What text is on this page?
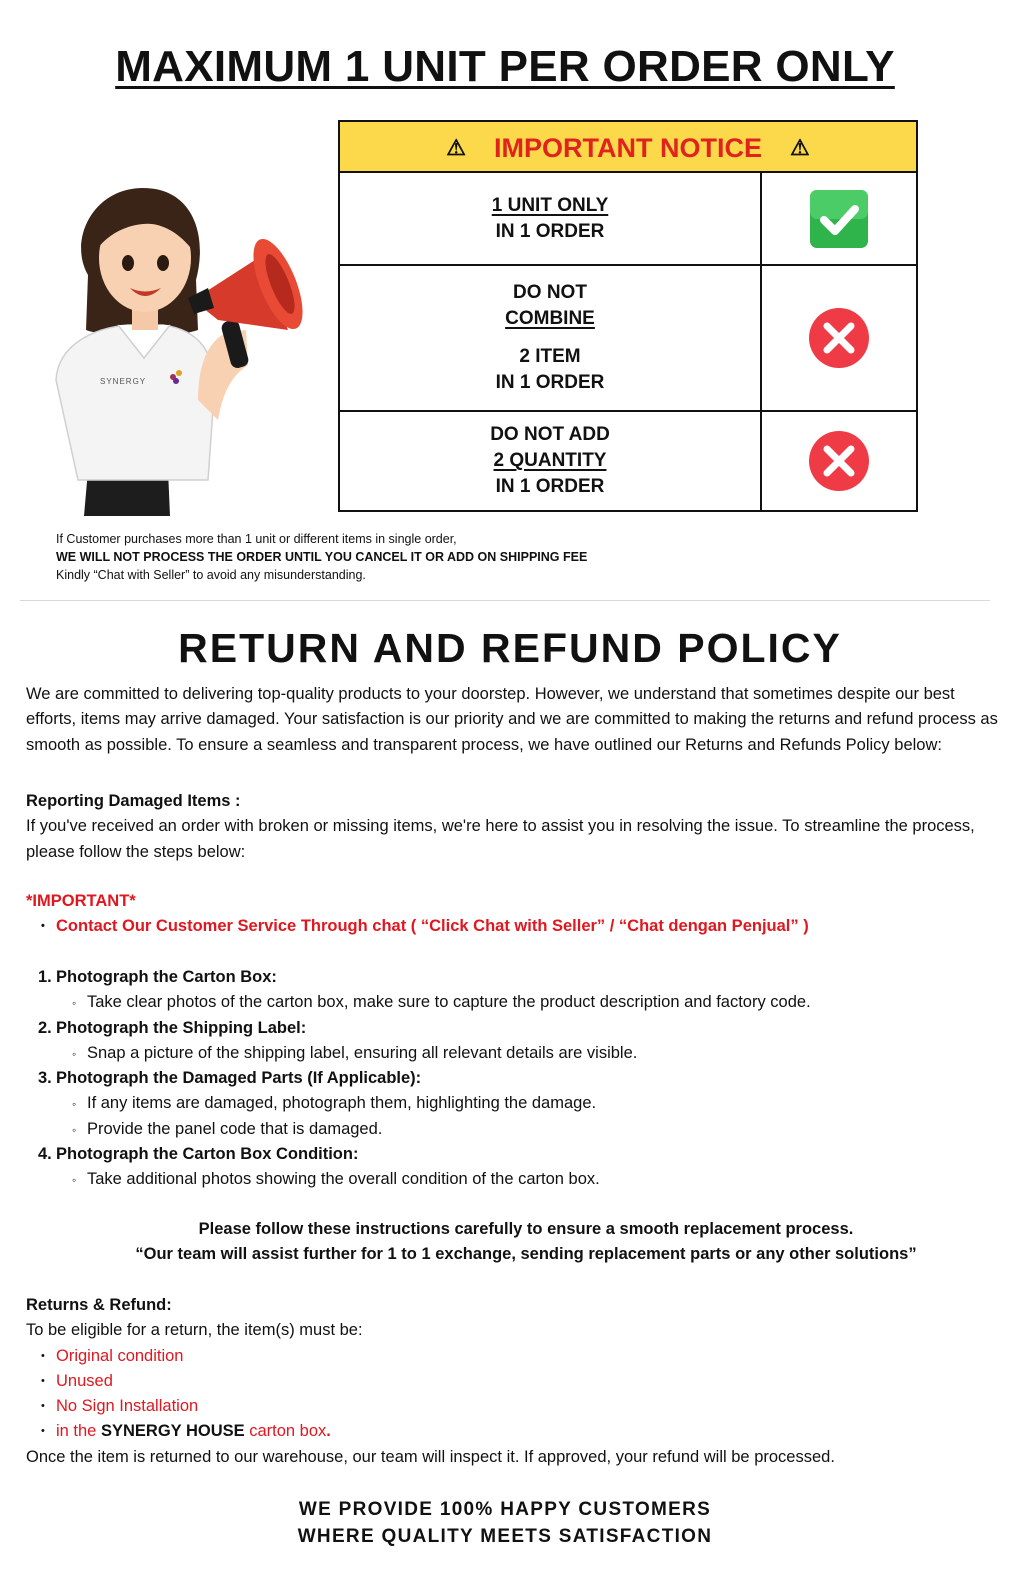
MAXIMUM 1 UNIT PER ORDER ONLY
SYNERGY
⚠ IMPORTANT NOTICE ⚠
1 UNIT ONLY
IN 1 ORDER
DO NOT
COMBINE
2 ITEM
IN 1 ORDER
DO NOT ADD
2 QUANTITY
IN 1 ORDER
If Customer purchases more than 1 unit or different items in single order,
WE WILL NOT PROCESS THE ORDER UNTIL YOU CANCEL IT OR ADD ON SHIPPING FEE
Kindly “Chat with Seller” to avoid any misunderstanding.
RETURN AND REFUND POLICY
We are committed to delivering top-quality products to your doorstep. However, we understand that sometimes despite our best efforts, items may arrive damaged. Your satisfaction is our priority and we are committed to making the returns and refund process as smooth as possible. To ensure a seamless and transparent process, we have outlined our Returns and Refunds Policy below:
Reporting Damaged Items :
If you've received an order with broken or missing items, we're here to assist you in resolving the issue. To streamline the process, please follow the steps below:
*IMPORTANT*
• Contact Our Customer Service Through chat ( “Click Chat with Seller” / “Chat dengan Penjual” )
1. Photograph the Carton Box:
◦ Take clear photos of the carton box, make sure to capture the product description and factory code.
2. Photograph the Shipping Label:
◦ Snap a picture of the shipping label, ensuring all relevant details are visible.
3. Photograph the Damaged Parts (If Applicable):
◦ If any items are damaged, photograph them, highlighting the damage.
◦ Provide the panel code that is damaged.
4. Photograph the Carton Box Condition:
◦ Take additional photos showing the overall condition of the carton box.
Please follow these instructions carefully to ensure a smooth replacement process.
“Our team will assist further for 1 to 1 exchange, sending replacement parts or any other solutions”
Returns & Refund:
To be eligible for a return, the item(s) must be:
• Original condition
• Unused
• No Sign Installation
• in the SYNERGY HOUSE carton box.
Once the item is returned to our warehouse, our team will inspect it. If approved, your refund will be processed.
WE PROVIDE 100% HAPPY CUSTOMERS
WHERE QUALITY MEETS SATISFACTION
